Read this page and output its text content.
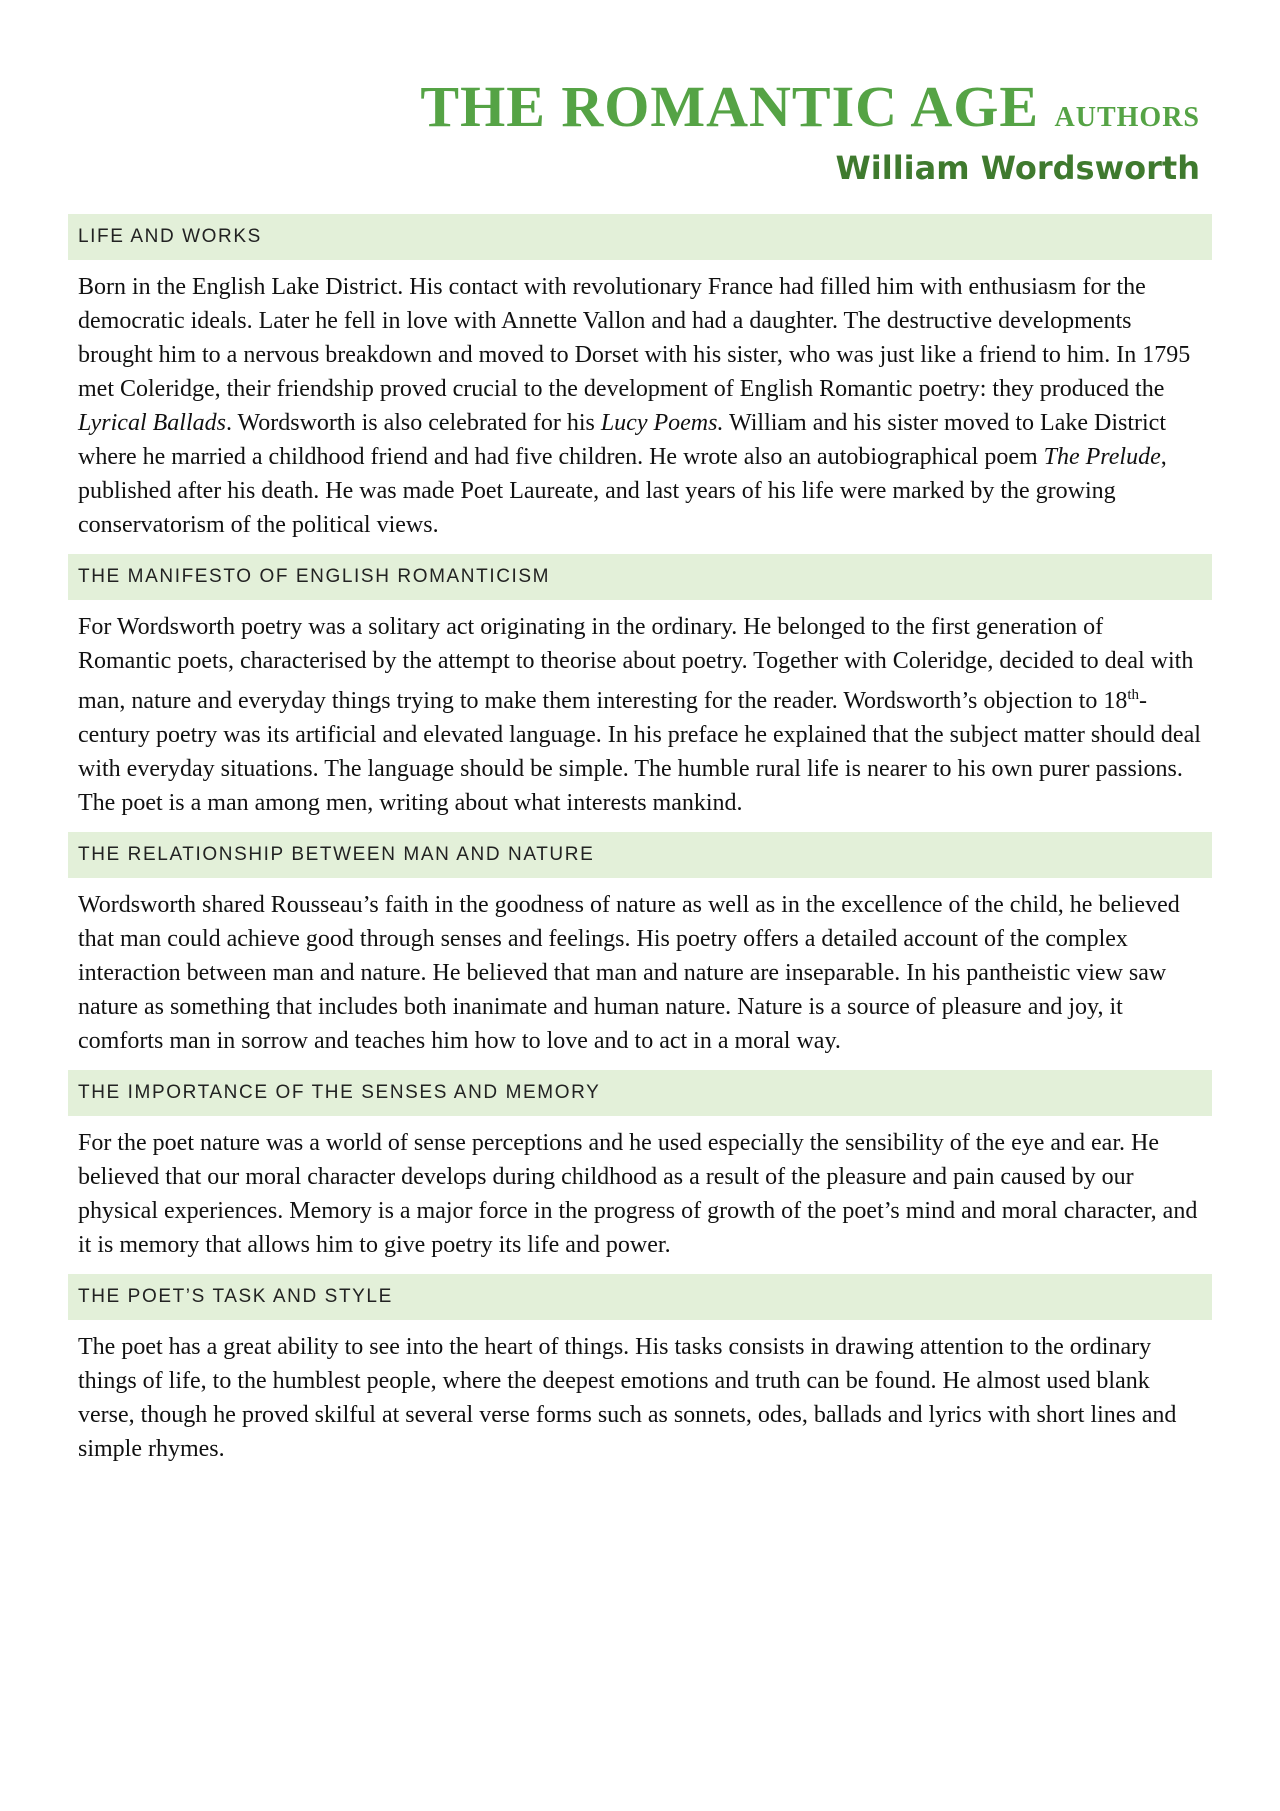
THE ROMANTIC AGE AUTHORS
William Wordsworth
LIFE AND WORKS

Born in the English Lake District. His contact with revolutionary France had filled him with enthusiasm for the democratic ideals. Later he fell in love with Annette Vallon and had a daughter. The destructive developments brought him to a nervous breakdown and moved to Dorset with his sister, who was just like a friend to him. In 1795 met Coleridge, their friendship proved crucial to the development of English Romantic poetry: they produced the Lyrical Ballads. Wordsworth is also celebrated for his Lucy Poems. William and his sister moved to Lake District where he married a childhood friend and had five children. He wrote also an autobiographical poem The Prelude, published after his death. He was made Poet Laureate, and last years of his life were marked by the growing conservatorism of the political views.

THE MANIFESTO OF ENGLISH ROMANTICISM

For Wordsworth poetry was a solitary act originating in the ordinary. He belonged to the first generation of Romantic poets, characterised by the attempt to theorise about poetry. Together with Coleridge, decided to deal with man, nature and everyday things trying to make them interesting for the reader. Wordsworth’s objection to 18th-century poetry was its artificial and elevated language. In his preface he explained that the subject matter should deal with everyday situations. The language should be simple. The humble rural life is nearer to his own purer passions. The poet is a man among men, writing about what interests mankind.

THE RELATIONSHIP BETWEEN MAN AND NATURE

Wordsworth shared Rousseau’s faith in the goodness of nature as well as in the excellence of the child, he believed that man could achieve good through senses and feelings. His poetry offers a detailed account of the complex interaction between man and nature. He believed that man and nature are inseparable. In his pantheistic view saw nature as something that includes both inanimate and human nature. Nature is a source of pleasure and joy, it comforts man in sorrow and teaches him how to love and to act in a moral way.

THE IMPORTANCE OF THE SENSES AND MEMORY

For the poet nature was a world of sense perceptions and he used especially the sensibility of the eye and ear. He believed that our moral character develops during childhood as a result of the pleasure and pain caused by our physical experiences. Memory is a major force in the progress of growth of the poet’s mind and moral character, and it is memory that allows him to give poetry its life and power.

THE POET’S TASK AND STYLE

The poet has a great ability to see into the heart of things. His tasks consists in drawing attention to the ordinary things of life, to the humblest people, where the deepest emotions and truth can be found. He almost used blank verse, though he proved skilful at several verse forms such as sonnets, odes, ballads and lyrics with short lines and simple rhymes.
